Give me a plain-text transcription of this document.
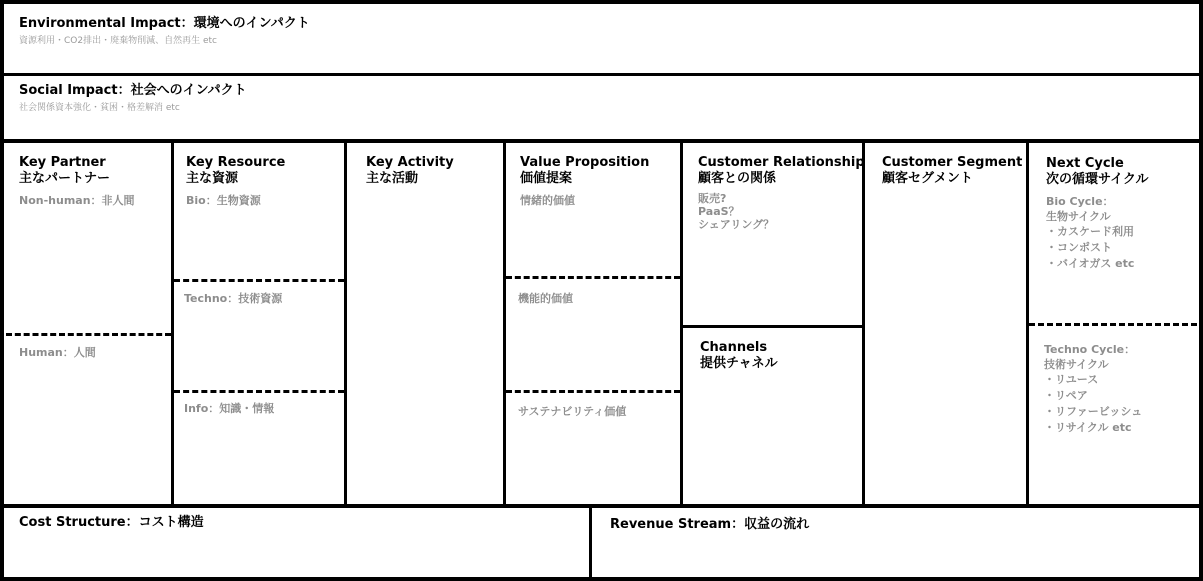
Environmental Impact：環境へのインパクト
資源利用・CO2排出・廃棄物削減、自然再生 etc
Social Impact：社会へのインパクト
社会関係資本強化・貧困・格差解消 etc
Key Partner
主なパートナー
Non-human：非人間
Human：人間
Key Resource
主な資源
Bio：生物資源
Techno：技術資源
Info：知識・情報
Key Activity
主な活動
Value Proposition
価値提案
情緒的価値
機能的価値
サステナビリティ価値
Customer Relationship
顧客との関係
販売?
PaaS？
シェアリング？
Channels
提供チャネル
Customer Segment
顧客セグメント
Next Cycle
次の循環サイクル
Bio Cycle：
生物サイクル
・カスケード利用
・コンポスト
・バイオガス etc
Techno Cycle：
技術サイクル
・リユース
・リペア
・リファービッシュ
・リサイクル etc
Cost Structure：コスト構造	Revenue Stream：収益の流れ
